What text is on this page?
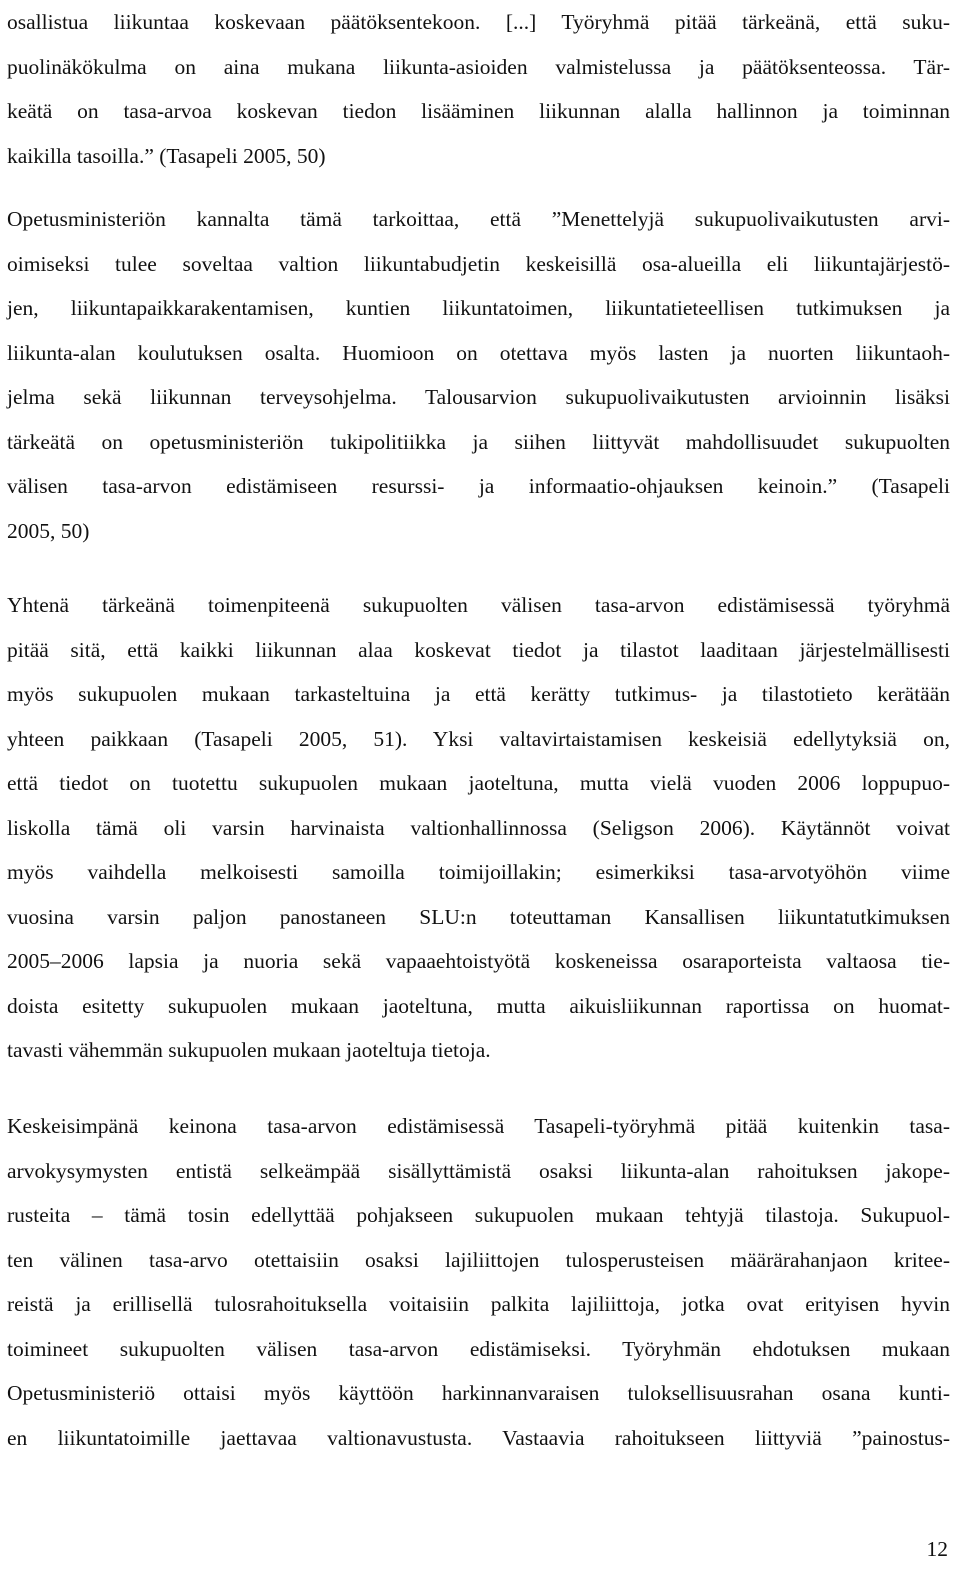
osallistua liikuntaa koskevaan päätöksentekoon. [...] Työryhmä pitää tärkeänä, että suku-
puolinäkökulma on aina mukana liikunta-asioiden valmistelussa ja päätöksenteossa. Tär-
keätä on tasa-arvoa koskevan tiedon lisääminen liikunnan alalla hallinnon ja toiminnan
kaikilla tasoilla.” (Tasapeli 2005, 50)
Opetusministeriön kannalta tämä tarkoittaa, että ”Menettelyjä sukupuolivaikutusten arvi-
oimiseksi tulee soveltaa valtion liikuntabudjetin keskeisillä osa-alueilla eli liikuntajärjestö-
jen, liikuntapaikkarakentamisen, kuntien liikuntatoimen, liikuntatieteellisen tutkimuksen ja
liikunta-alan koulutuksen osalta. Huomioon on otettava myös lasten ja nuorten liikuntaoh-
jelma sekä liikunnan terveysohjelma. Talousarvion sukupuolivaikutusten arvioinnin lisäksi
tärkeätä on opetusministeriön tukipolitiikka ja siihen liittyvät mahdollisuudet sukupuolten
välisen tasa-arvon edistämiseen resurssi- ja informaatio-ohjauksen keinoin.” (Tasapeli
2005, 50)
Yhtenä tärkeänä toimenpiteenä sukupuolten välisen tasa-arvon edistämisessä työryhmä
pitää sitä, että kaikki liikunnan alaa koskevat tiedot ja tilastot laaditaan järjestelmällisesti
myös sukupuolen mukaan tarkasteltuina ja että kerätty tutkimus- ja tilastotieto kerätään
yhteen paikkaan (Tasapeli 2005, 51). Yksi valtavirtaistamisen keskeisiä edellytyksiä on,
että tiedot on tuotettu sukupuolen mukaan jaoteltuna, mutta vielä vuoden 2006 loppupuo-
liskolla tämä oli varsin harvinaista valtionhallinnossa (Seligson 2006). Käytännöt voivat
myös vaihdella melkoisesti samoilla toimijoillakin; esimerkiksi tasa-arvotyöhön viime
vuosina varsin paljon panostaneen SLU:n toteuttaman Kansallisen liikuntatutkimuksen
2005–2006 lapsia ja nuoria sekä vapaaehtoistyötä koskeneissa osaraporteista valtaosa tie-
doista esitetty sukupuolen mukaan jaoteltuna, mutta aikuisliikunnan raportissa on huomat-
tavasti vähemmän sukupuolen mukaan jaoteltuja tietoja.
Keskeisimpänä keinona tasa-arvon edistämisessä Tasapeli-työryhmä pitää kuitenkin tasa-
arvokysymysten entistä selkeämpää sisällyttämistä osaksi liikunta-alan rahoituksen jakope-
rusteita – tämä tosin edellyttää pohjakseen sukupuolen mukaan tehtyjä tilastoja. Sukupuol-
ten välinen tasa-arvo otettaisiin osaksi lajiliittojen tulosperusteisen määrärahanjaon kritee-
reistä ja erillisellä tulosrahoituksella voitaisiin palkita lajiliittoja, jotka ovat erityisen hyvin
toimineet sukupuolten välisen tasa-arvon edistämiseksi. Työryhmän ehdotuksen mukaan
Opetusministeriö ottaisi myös käyttöön harkinnanvaraisen tuloksellisuusrahan osana kunti-
en liikuntatoimille jaettavaa valtionavustusta. Vastaavia rahoitukseen liittyviä ”painostus-
12
